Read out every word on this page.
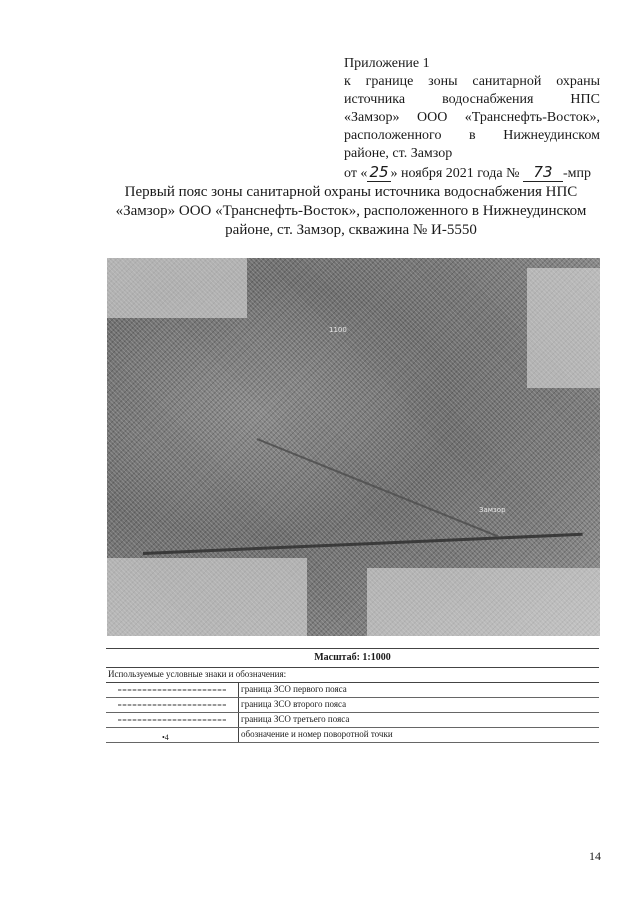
Приложение 1
к границе зоны санитарной охраны
источника водоснабжения НПС
«Замзор» ООО «Транснефть-Восток»,
расположенного в Нижнеудинском
районе, ст. Замзор
от « 25 » ноября 2021 года № 73 -мпр
Первый пояс зоны санитарной охраны источника водоснабжения НПС «Замзор» ООО «Транснефть-Восток», расположенного в Нижнеудинском районе, ст. Замзор, скважина № И-5550
1100
Замзор
Масштаб: 1:1000
Используемые условные знаки и обозначения:
граница ЗСО первого пояса
граница ЗСО второго пояса
граница ЗСО третьего пояса
•4	обозначение и номер поворотной точки
14
